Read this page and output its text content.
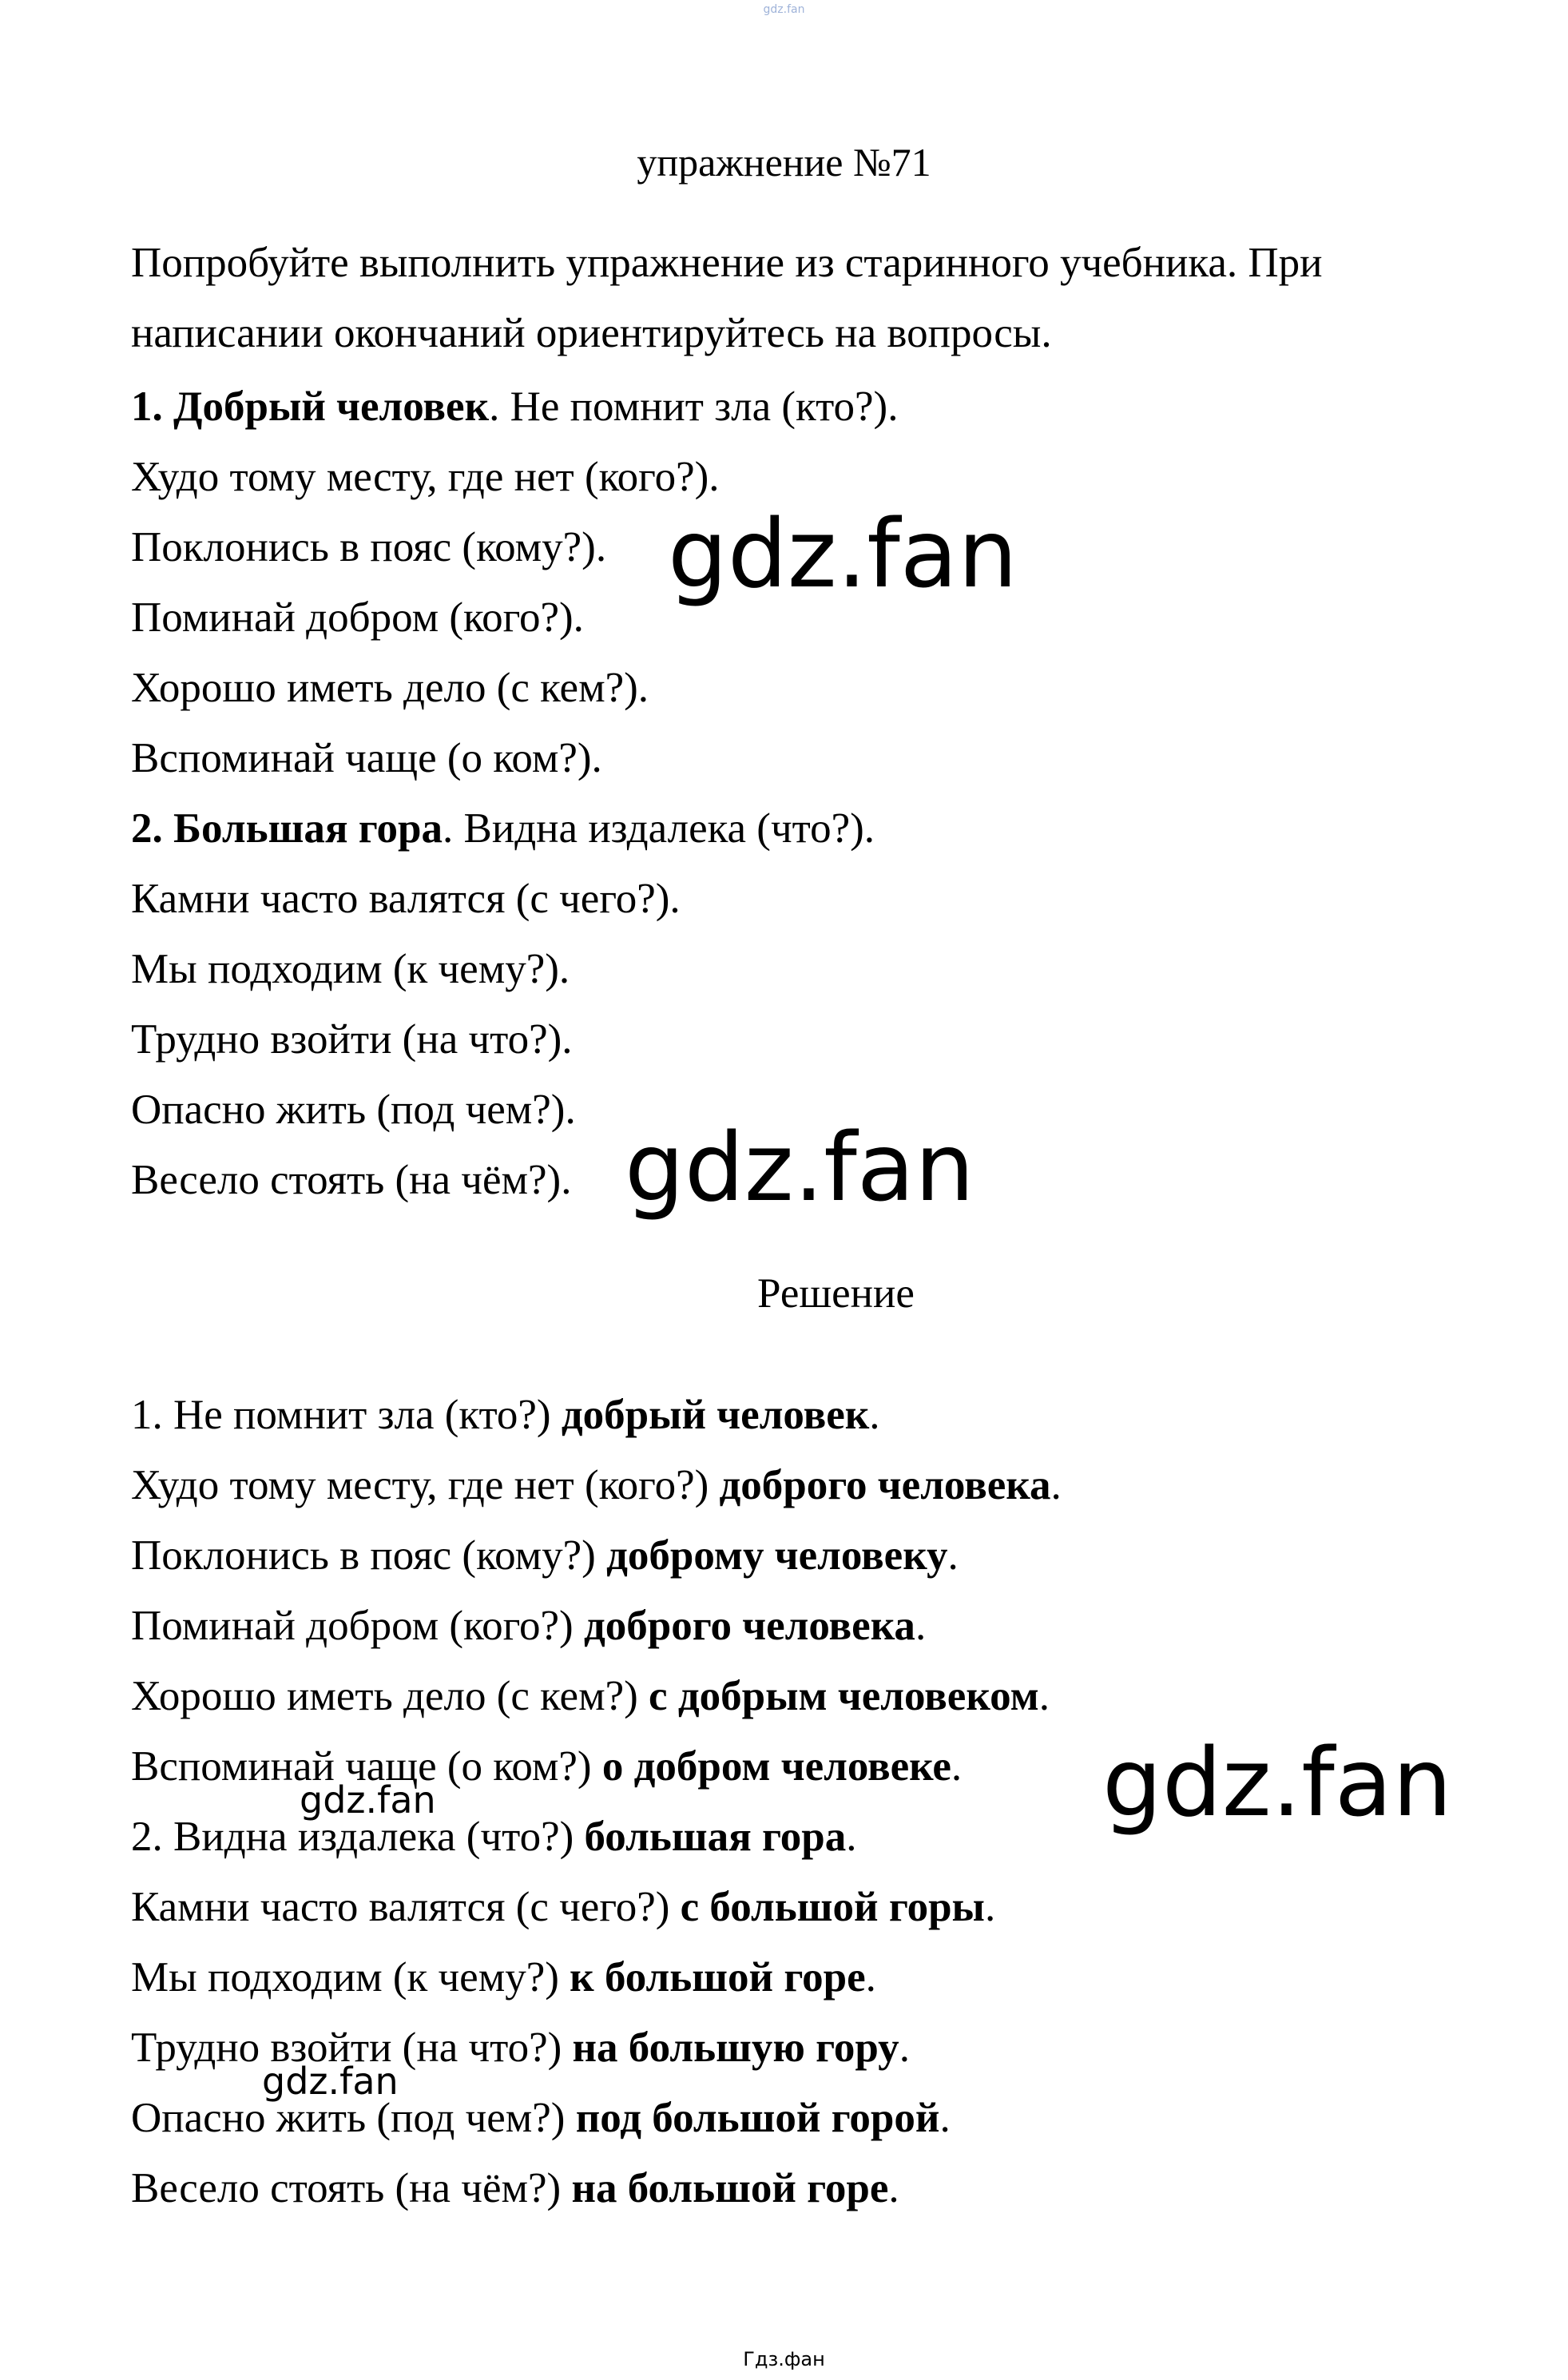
gdz.fan
упражнение №71
Попробуйте выполнить упражнение из старинного учебника. При написании окончаний ориентируйтесь на вопросы.
1. Добрый человек. Не помнит зла (кто?).
Худо тому месту, где нет (кого?).
Поклонись в пояс (кому?).
Поминай добром (кого?).
Хорошо иметь дело (с кем?).
Вспоминай чаще (о ком?).
2. Большая гора. Видна издалека (что?).
Камни часто валятся (с чего?).
Мы подходим (к чему?).
Трудно взойти (на что?).
Опасно жить (под чем?).
Весело стоять (на чём?).
Решение
1. Не помнит зла (кто?) добрый человек.
Худо тому месту, где нет (кого?) доброго человека.
Поклонись в пояс (кому?) доброму человеку.
Поминай добром (кого?) доброго человека.
Хорошо иметь дело (с кем?) с добрым человеком.
Вспоминай чаще (о ком?) о добром человеке.
2. Видна издалека (что?) большая гора.
Камни часто валятся (с чего?) с большой горы.
Мы подходим (к чему?) к большой горе.
Трудно взойти (на что?) на большую гору.
Опасно жить (под чем?) под большой горой.
Весело стоять (на чём?) на большой горе.
gdz.fan
gdz.fan
gdz.fan
gdz.fan
gdz.fan
Гдз.фан
